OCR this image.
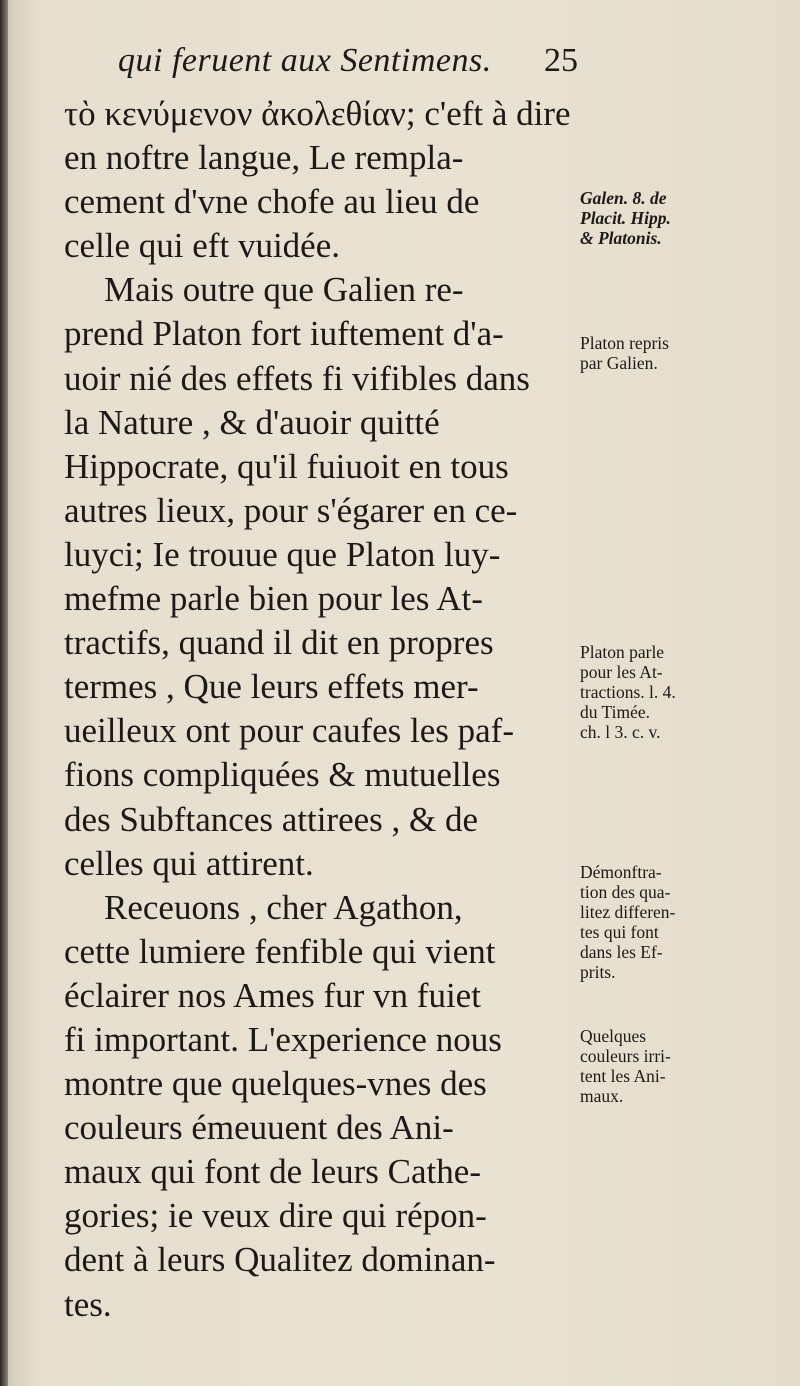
qui feruent aux Sentimens. 25
τὸ κενύμενον ἀκολεθίαν; c'eft à dire
en noftre langue, Le rempla-
cement d'vne chofe au lieu de
celle qui eft vuidée.
Mais outre que Galien re-
prend Platon fort iuftement d'a-
uoir nié des effets fi vifibles dans
la Nature , & d'auoir quitté
Hippocrate, qu'il fuiuoit en tous
autres lieux, pour s'égarer en ce-
luyci; Ie trouue que Platon luy-
mefme parle bien pour les At-
tractifs, quand il dit en propres
termes , Que leurs effets mer-
ueilleux ont pour caufes les paf-
fions compliquées & mutuelles
des Subftances attirees , & de
celles qui attirent.
Receuons , cher Agathon,
cette lumiere fenfible qui vient
éclairer nos Ames fur vn fuiet
fi important. L'experience nous
montre que quelques-vnes des
couleurs émeuuent des Ani-
maux qui font de leurs Cathe-
gories; ie veux dire qui répon-
dent à leurs Qualitez dominan-
tes.
Galen. 8. de
Placit. Hipp.
& Platonis.
Platon repris
par Galien.
Platon parle
pour les At-
tractions. l. 4.
du Timée.
ch. l 3. c. v.
Démonftra-
tion des qua-
litez differen-
tes qui font
dans les Ef-
prits.
Quelques
couleurs irri-
tent les Ani-
maux.
